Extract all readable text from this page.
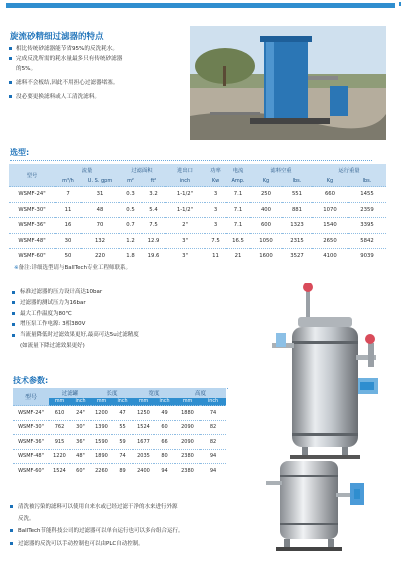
旋流砂精细过滤器的特点
相比传统砂滤器能节省95%的反洗耗水。
完成反洗所需的耗水量最多只有传统砂滤器
的5%。
滤料不会板结,因此不用担心过滤器堵塞。
没必要更换滤料或人工清洗滤料。
选型:
型号	流量		过滤面积		进出口	功率	电流	滤料空重		运行重量	
	m³/h	U. S. gpm	m²	ft²	inch	Kw	Amp.	Kg	lbs.	Kg	lbs.
WSMF-24"	7	31	0.3	3.2	1-1/2"	3	7.1	250	551	660	1455
WSMF-30"	11	48	0.5	5.4	1-1/2"	3	7.1	400	881	1070	2359
WSMF-36"	16	70	0.7	7.5	2"	3	7.1	600	1323	1540	3395
WSMF-48"	30	132	1.2	12.9	3"	7.5	16.5	1050	2315	2650	5842
WSMF-60"	50	220	1.8	19.6	3"	11	21	1600	3527	4100	9039
※备注:详细选型请与BallTech专业工程师联系。
标准过滤器的压力设计高达10bar
过滤器的测试压力为16bar
最大工作温度为80℃
增压泵工作电源: 3相380V
当流量降低时过滤效果更好,最高可达5u过滤精度
(如流量下降过滤效果更好)
技术参数:
型号	过滤罐		长度		宽度		高度	
	mm	inch	mm	inch	mm	inch	mm	inch
WSMF-24"	610	24"	1200	47	1250	49	1880	74
WSMF-30"	762	30"	1390	55	1524	60	2090	82
WSMF-36"	915	36"	1590	59	1677	66	2090	82
WSMF-48"	1220	48"	1890	74	2035	80	2380	94
WSMF-60"	1524	60"	2260	89	2400	94	2380	94
清洗被污染的滤料可以使用自来水或已经过滤干净的水来进行外源
反洗。
BallTech节能科技公司的过滤器可以单台运行也可以多台组合运行。
过滤器的反洗可以手动控制也可以由PLC自动控制。
